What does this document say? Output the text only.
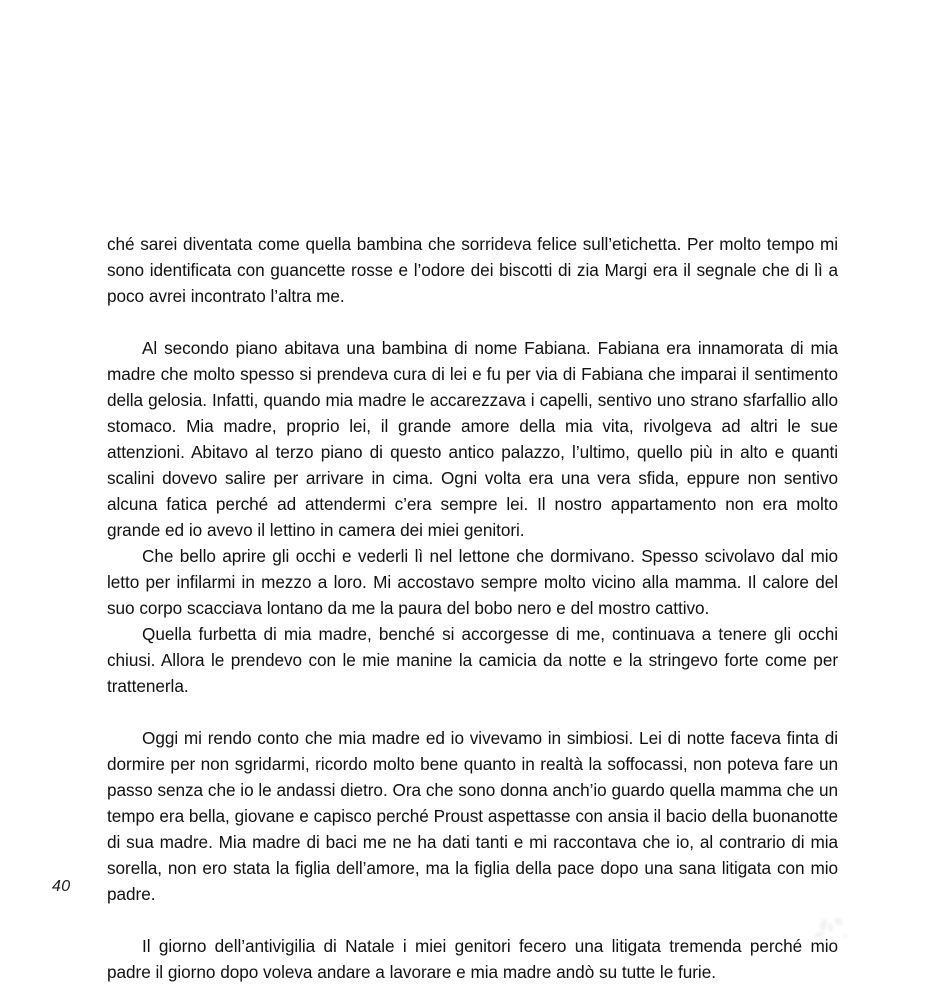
ché sarei diventata come quella bambina che sorrideva felice sull’etichetta. Per molto tempo mi sono identificata con guancette rosse e l’odore dei biscotti di zia Margi era il segnale che di lì a poco avrei incontrato l’altra me.

Al secondo piano abitava una bambina di nome Fabiana. Fabiana era innamorata di mia madre che molto spesso si prendeva cura di lei e fu per via di Fabiana che imparai il sentimento della gelosia. Infatti, quando mia madre le accarezzava i capelli, sentivo uno strano sfarfallio allo stomaco. Mia madre, proprio lei, il grande amore della mia vita, rivolgeva ad altri le sue attenzioni. Abitavo al terzo piano di questo antico palazzo, l’ultimo, quello più in alto e quanti scalini dovevo salire per arrivare in cima. Ogni volta era una vera sfida, eppure non sentivo alcuna fatica perché ad attendermi c’era sempre lei. Il nostro appartamento non era molto grande ed io avevo il lettino in camera dei miei genitori.

Che bello aprire gli occhi e vederli lì nel lettone che dormivano. Spesso scivolavo dal mio letto per infilarmi in mezzo a loro. Mi accostavo sempre molto vicino alla mamma. Il calore del suo corpo scacciava lontano da me la paura del bobo nero e del mostro cattivo.

Quella furbetta di mia madre, benché si accorgesse di me, continuava a tenere gli occhi chiusi. Allora le prendevo con le mie manine la camicia da notte e la stringevo forte come per trattenerla.

Oggi mi rendo conto che mia madre ed io vivevamo in simbiosi. Lei di notte faceva finta di dormire per non sgridarmi, ricordo molto bene quanto in realtà la soffocassi, non poteva fare un passo senza che io le andassi dietro. Ora che sono donna anch’io guardo quella mamma che un tempo era bella, giovane e capisco perché Proust aspettasse con ansia il bacio della buonanotte di sua madre. Mia madre di baci me ne ha dati tanti e mi raccontava che io, al contrario di mia sorella, non ero stata la figlia dell’amore, ma la figlia della pace dopo una sana litigata con mio padre.

Il giorno dell’antivigilia di Natale i miei genitori fecero una litigata tremenda perché mio padre il giorno dopo voleva andare a lavorare e mia madre andò su tutte le furie.

40
